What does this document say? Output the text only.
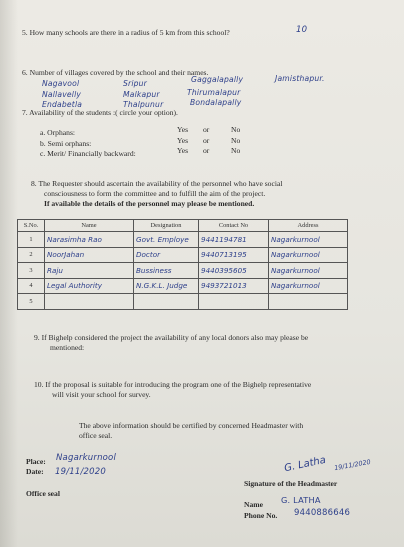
5. How many schools are there in a radius of 5 km from this school?	10
6. Number of villages covered by the school and their names.
Nagavool	Sripur	Gaggalapally	Jamisthapur.
Nallavelly	Malkapur	Thirumalapur
Endabetla	Thalpunur	Bondalapally
7. Availability of the students :( circle your option).
a. Orphans:	Yes or	No
b. Semi orphans:	Yes or	No
c. Merit/ Financially backward:	Yes or	No
8. The Requester should ascertain the availability of the personnel who have social
consciousness to form the committee and to fulfill the aim of the project.
If available the details of the personnel may please be mentioned.
S.No.	Name	Designation	Contact No	Address
1	Narasimha Rao	Govt. Employe	9441194781	Nagarkurnool
2	NoorJahan	Doctor	9440713195	Nagarkurnool
3	Raju	Bussiness	9440395605	Nagarkurnool
4	Legal Authority	N.G.K.L. Judge	9493721013	Nagarkurnool
5				
9. If Bighelp considered the project the availability of any local donors also may please be
mentioned:
10. If the proposal is suitable for introducing the program one of the Bighelp representative
will visit your school for survey.
The above information should be certified by concerned Headmaster with
office seal.
Place: Nagarkurnool
Date: 19/11/2020
Office seal
G. Latha 19/11/2020
Signature of the Headmaster
Name G. LATHA
Phone No. 9440886646
